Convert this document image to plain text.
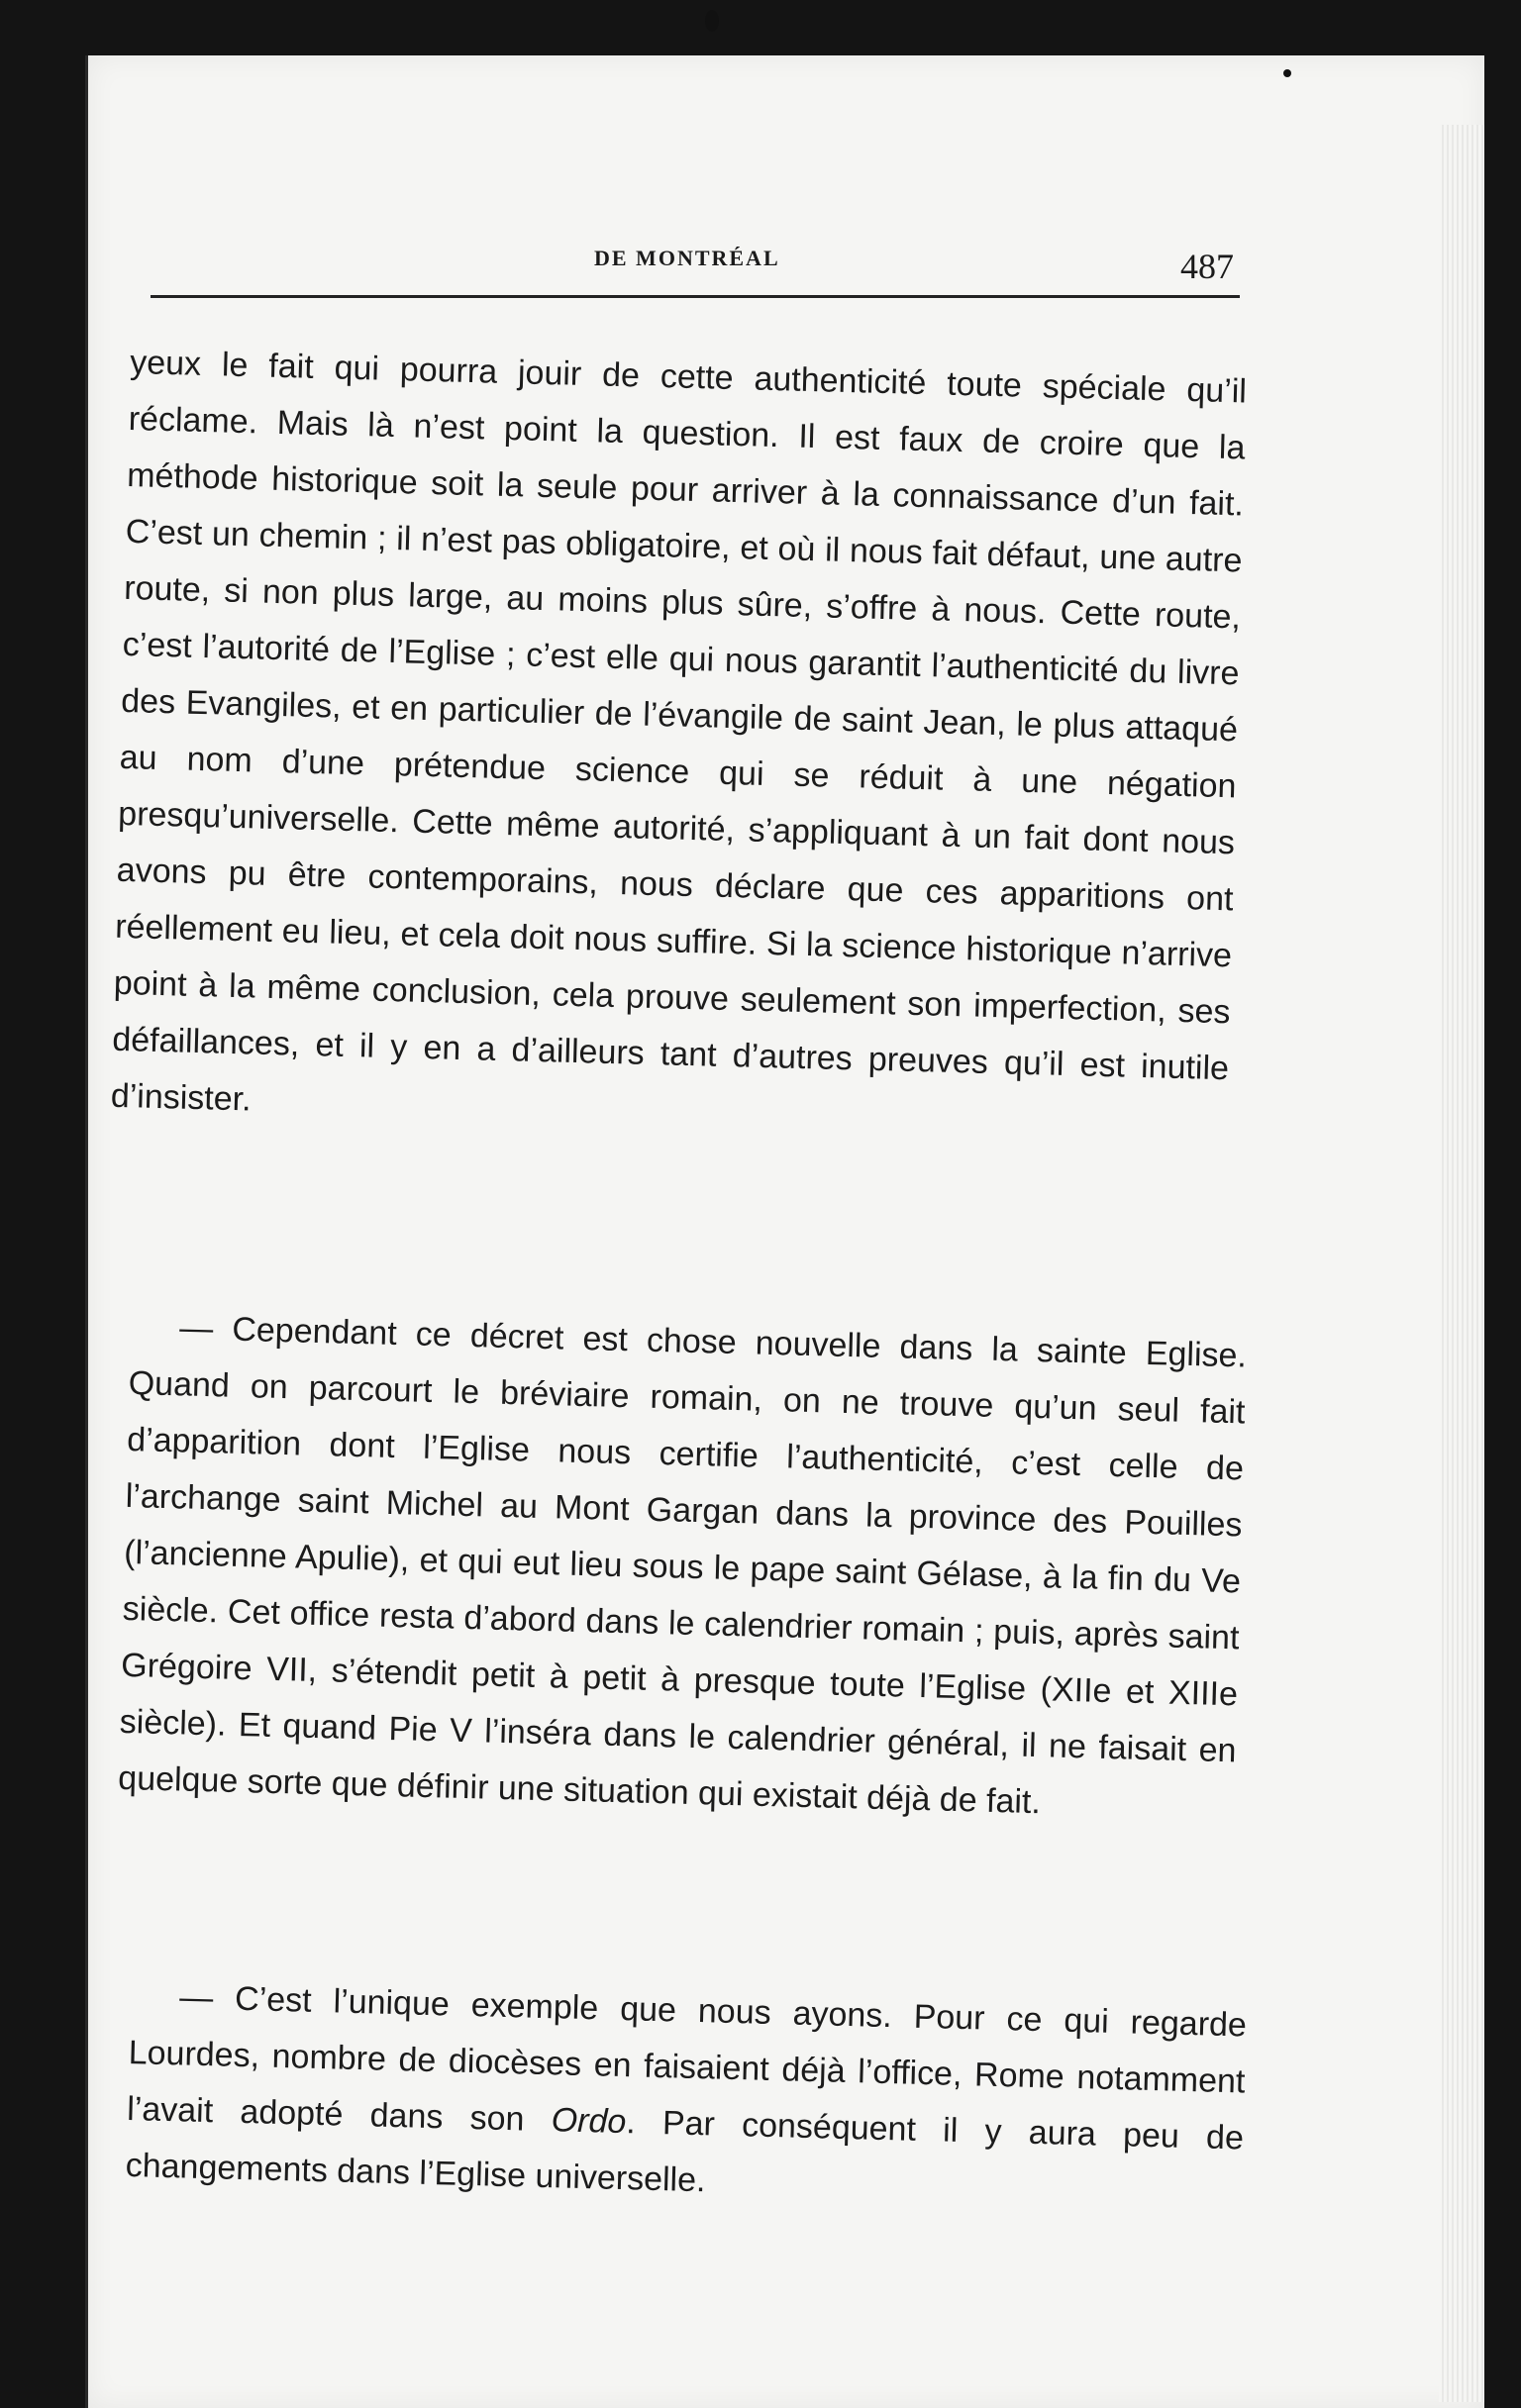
DE MONTRÉAL	487

yeux le fait qui pourra jouir de cette authenticité toute spéciale qu’il réclame. Mais là n’est point la question. Il est faux de croire que la méthode historique soit la seule pour arriver à la connaissance d’un fait. C’est un chemin ; il n’est pas obligatoire, et où il nous fait défaut, une autre route, si non plus large, au moins plus sûre, s’offre à nous. Cette route, c’est l’autorité de l’Eglise ; c’est elle qui nous garantit l’authenticité du livre des Evangiles, et en particulier de l’évangile de saint Jean, le plus attaqué au nom d’une prétendue science qui se réduit à une négation presqu’universelle. Cette même autorité, s’appliquant à un fait dont nous avons pu être contemporains, nous déclare que ces apparitions ont réellement eu lieu, et cela doit nous suffire. Si la science historique n’arrive point à la même conclusion, cela prouve seulement son imperfection, ses défaillances, et il y en a d’ailleurs tant d’autres preuves qu’il est inutile d’insister.

— Cependant ce décret est chose nouvelle dans la sainte Eglise. Quand on parcourt le bréviaire romain, on ne trouve qu’un seul fait d’apparition dont l’Eglise nous certifie l’authenticité, c’est celle de l’archange saint Michel au Mont Gargan dans la province des Pouilles (l’ancienne Apulie), et qui eut lieu sous le pape saint Gélase, à la fin du Ve siècle. Cet office resta d’abord dans le calendrier romain ; puis, après saint Grégoire VII, s’étendit petit à petit à presque toute l’Eglise (XIIe et XIIIe siècle). Et quand Pie V l’inséra dans le calendrier général, il ne faisait en quelque sorte que définir une situation qui existait déjà de fait.

— C’est l’unique exemple que nous ayons. Pour ce qui regarde Lourdes, nombre de diocèses en faisaient déjà l’office, Rome notamment l’avait adopté dans son Ordo. Par conséquent il y aura peu de changements dans l’Eglise universelle.
